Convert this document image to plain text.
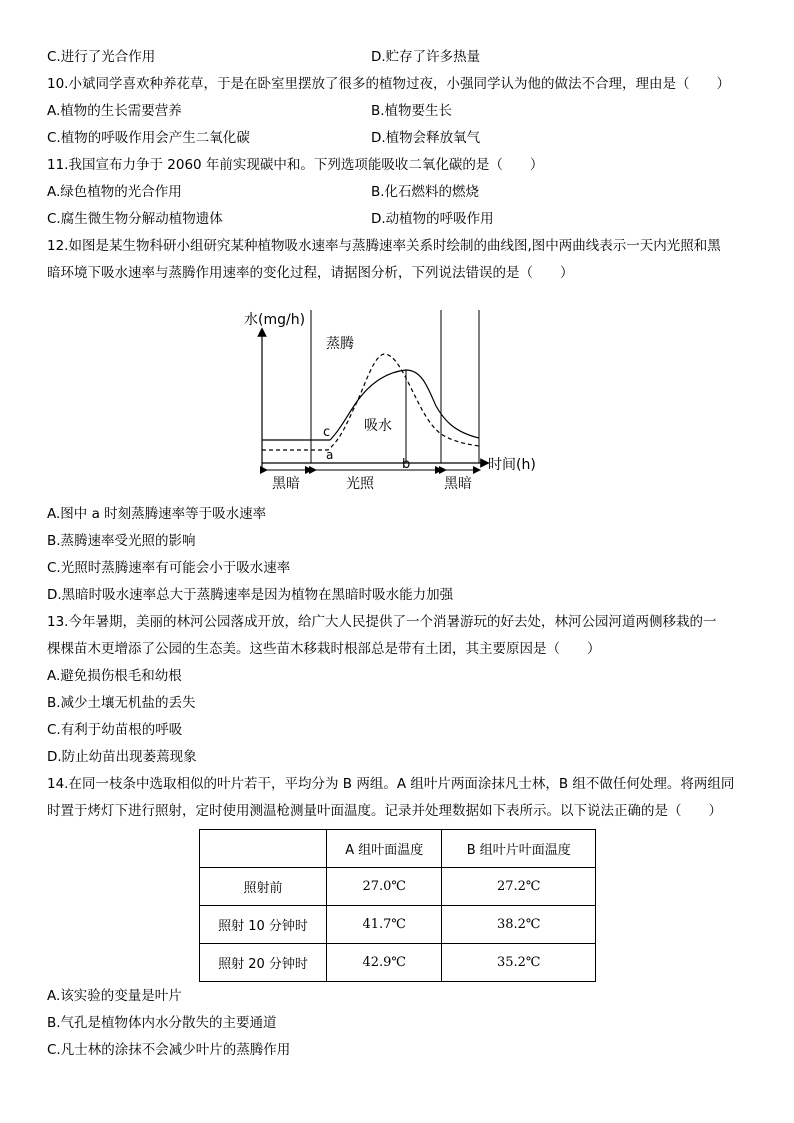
C.进行了光合作用	D.贮存了许多热量
10.小斌同学喜欢种养花草，于是在卧室里摆放了很多的植物过夜，小强同学认为他的做法不合理，理由是（　　）
A.植物的生长需要营养	B.植物要生长
C.植物的呼吸作用会产生二氧化碳	D.植物会释放氧气
11.我国宣布力争于 2060 年前实现碳中和。下列选项能吸收二氧化碳的是（　　）
A.绿色植物的光合作用	B.化石燃料的燃烧
C.腐生微生物分解动植物遗体	D.动植物的呼吸作用
12.如图是某生物科研小组研究某种植物吸水速率与蒸腾速率关系时绘制的曲线图,图中两曲线表示一天内光照和黑
暗环境下吸水速率与蒸腾作用速率的变化过程，请据图分析，下列说法错误的是（　　）
水(mg/h)
时间(h)
蒸腾
吸水
c
a
b
黑暗	光照	黑暗
A.图中 a 时刻蒸腾速率等于吸水速率
B.蒸腾速率受光照的影响
C.光照时蒸腾速率有可能会小于吸水速率
D.黑暗时吸水速率总大于蒸腾速率是因为植物在黑暗时吸水能力加强
13.今年暑期，美丽的林河公园落成开放，给广大人民提供了一个消暑游玩的好去处，林河公园河道两侧移栽的一
棵棵苗木更增添了公园的生态美。这些苗木移栽时根部总是带有土团，其主要原因是（　　）
A.避免损伤根毛和幼根
B.减少土壤无机盐的丢失
C.有利于幼苗根的呼吸
D.防止幼苗出现萎蔫现象
14.在同一枝条中选取相似的叶片若干，平均分为 B 两组。A 组叶片两面涂抹凡士林，B 组不做任何处理。将两组同
时置于烤灯下进行照射，定时使用测温枪测量叶面温度。记录并处理数据如下表所示。以下说法正确的是（　　）
	A 组叶面温度	B 组叶片叶面温度
照射前	27.0℃	27.2℃
照射 10 分钟时	41.7℃	38.2℃
照射 20 分钟时	42.9℃	35.2℃
A.该实验的变量是叶片
B.气孔是植物体内水分散失的主要通道
C.凡士林的涂抹不会减少叶片的蒸腾作用
